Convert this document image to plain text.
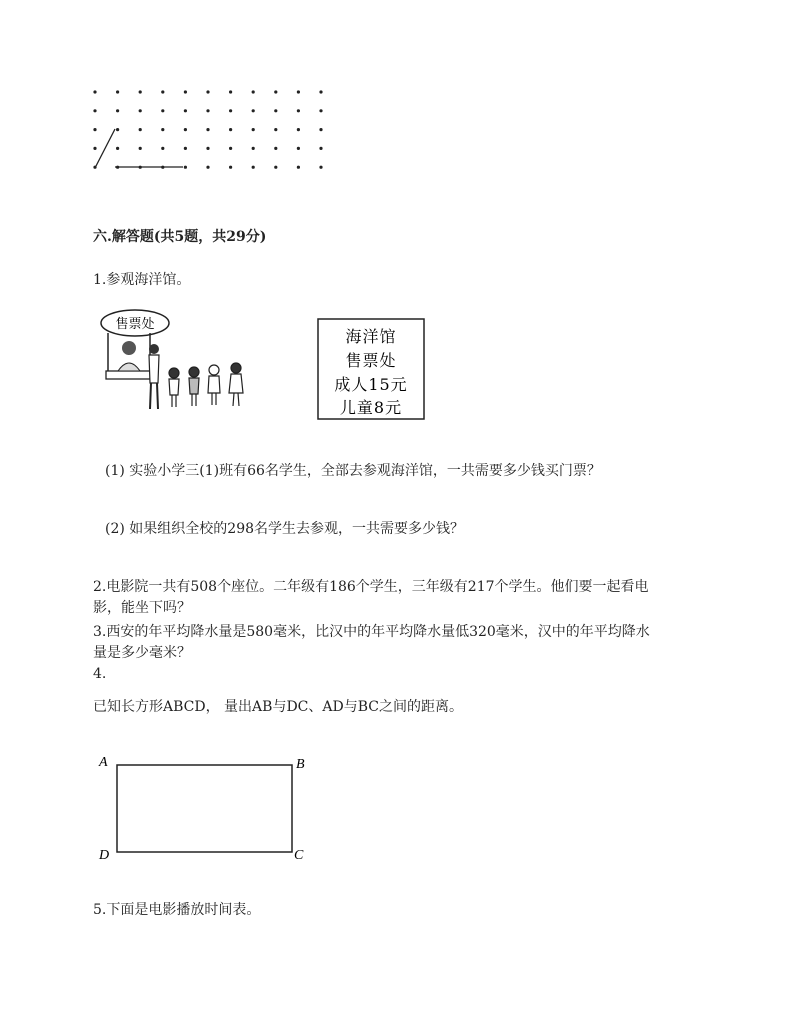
六.解答题(共5题，共29分)
1.参观海洋馆。
售票处
海洋馆
售票处
成人15元
儿童8元
(1) 实验小学三(1)班有66名学生，全部去参观海洋馆，一共需要多少钱买门票？
(2) 如果组织全校的298名学生去参观，一共需要多少钱？
2.电影院一共有508个座位。二年级有186个学生，三年级有217个学生。他们要一起看电
影，能坐下吗？
3.西安的年平均降水量是580毫米，比汉中的年平均降水量低320毫米，汉中的年平均降水
量是多少毫米？
4.
已知长方形ABCD， 量出AB与DC、AD与BC之间的距离。
A	B
C
D
5.下面是电影播放时间表。
